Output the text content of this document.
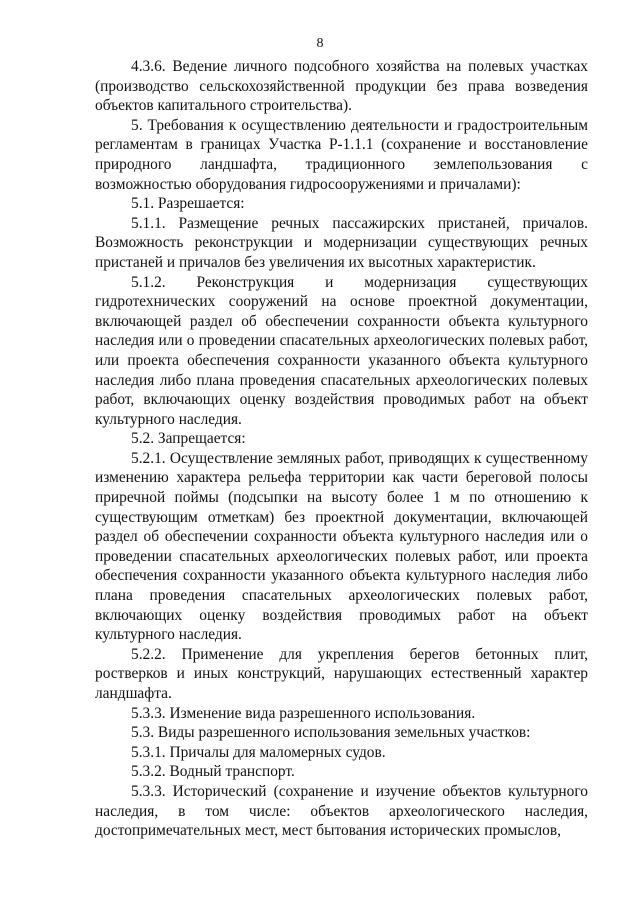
8

4.3.6. Ведение личного подсобного хозяйства на полевых участках (производство сельскохозяйственной продукции без права возведения объектов капитального строительства).

5. Требования к осуществлению деятельности и градостроительным регламентам в границах Участка Р-1.1.1 (сохранение и восстановление природного ландшафта, традиционного землепользования с возможностью оборудования гидросооружениями и причалами):

5.1. Разрешается:

5.1.1. Размещение речных пассажирских пристаней, причалов. Возможность реконструкции и модернизации существующих речных пристаней и причалов без увеличения их высотных характеристик.

5.1.2. Реконструкция и модернизация существующих гидротехнических сооружений на основе проектной документации, включающей раздел об обеспечении сохранности объекта культурного наследия или о проведении спасательных археологических полевых работ, или проекта обеспечения сохранности указанного объекта культурного наследия либо плана проведения спасательных археологических полевых работ, включающих оценку воздействия проводимых работ на объект культурного наследия.

5.2. Запрещается:

5.2.1. Осуществление земляных работ, приводящих к существенному изменению характера рельефа территории как части береговой полосы приречной поймы (подсыпки на высоту более 1 м по отношению к существующим отметкам) без проектной документации, включающей раздел об обеспечении сохранности объекта культурного наследия или о проведении спасательных археологических полевых работ, или проекта обеспечения сохранности указанного объекта культурного наследия либо плана проведения спасательных археологических полевых работ, включающих оценку воздействия проводимых работ на объект культурного наследия.

5.2.2. Применение для укрепления берегов бетонных плит, ростверков и иных конструкций, нарушающих естественный характер ландшафта.

5.3.3. Изменение вида разрешенного использования.

5.3. Виды разрешенного использования земельных участков:

5.3.1. Причалы для маломерных судов.

5.3.2. Водный транспорт.

5.3.3. Исторический (сохранение и изучение объектов культурного наследия, в том числе: объектов археологического наследия, достопримечательных мест, мест бытования исторических промыслов,
